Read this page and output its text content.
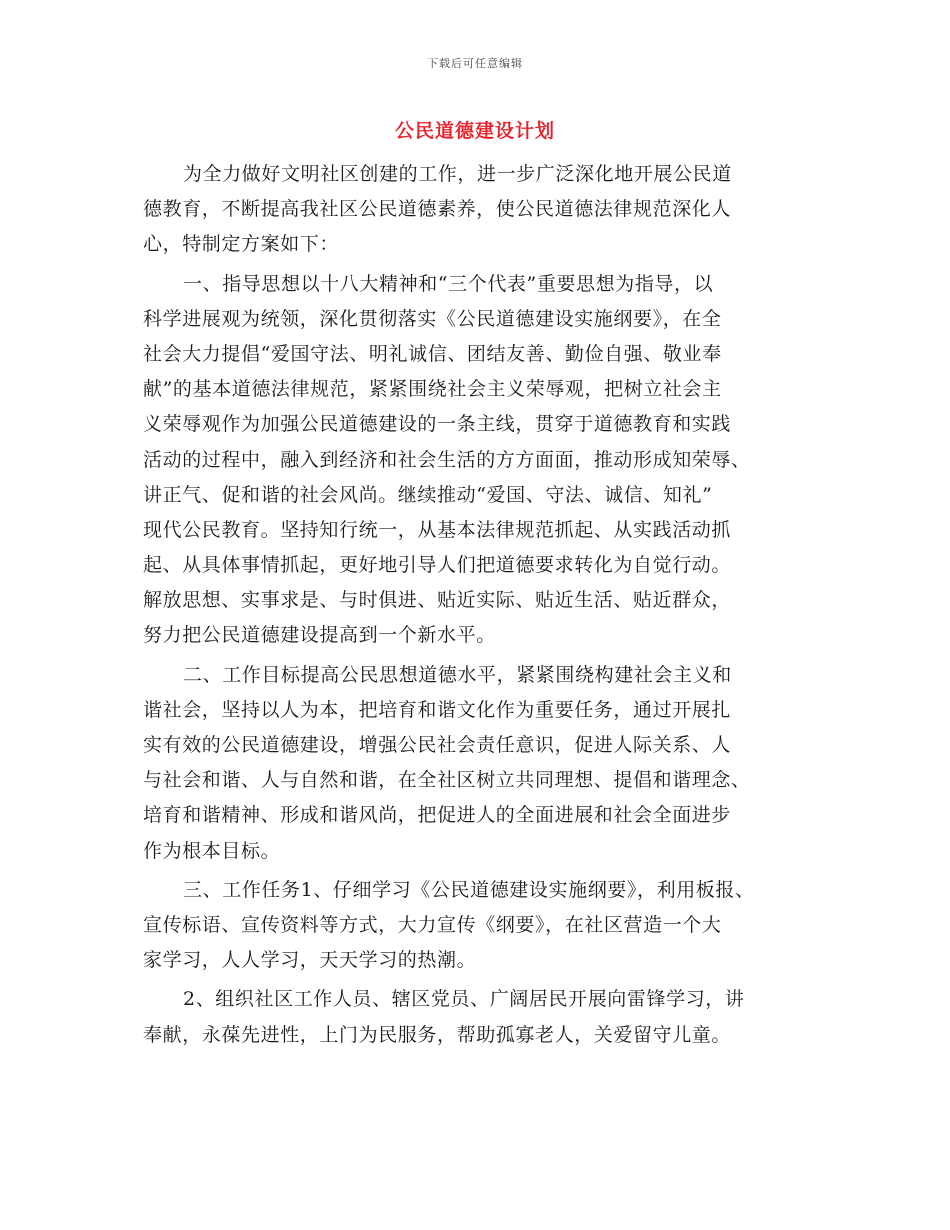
下载后可任意编辑
公民道德建设计划
为全力做好文明社区创建的工作，进一步广泛深化地开展公民道
德教育，不断提高我社区公民道德素养，使公民道德法律规范深化人
心，特制定方案如下：
一、指导思想以十八大精神和“三个代表”重要思想为指导，以
科学进展观为统领，深化贯彻落实《公民道德建设实施纲要》，在全
社会大力提倡“爱国守法、明礼诚信、团结友善、勤俭自强、敬业奉
献”的基本道德法律规范，紧紧围绕社会主义荣辱观，把树立社会主
义荣辱观作为加强公民道德建设的一条主线，贯穿于道德教育和实践
活动的过程中，融入到经济和社会生活的方方面面，推动形成知荣辱、
讲正气、促和谐的社会风尚。继续推动“爱国、守法、诚信、知礼”
现代公民教育。坚持知行统一，从基本法律规范抓起、从实践活动抓
起、从具体事情抓起，更好地引导人们把道德要求转化为自觉行动。
解放思想、实事求是、与时俱进、贴近实际、贴近生活、贴近群众，
努力把公民道德建设提高到一个新水平。
二、工作目标提高公民思想道德水平，紧紧围绕构建社会主义和
谐社会，坚持以人为本，把培育和谐文化作为重要任务，通过开展扎
实有效的公民道德建设，增强公民社会责任意识，促进人际关系、人
与社会和谐、人与自然和谐，在全社区树立共同理想、提倡和谐理念、
培育和谐精神、形成和谐风尚，把促进人的全面进展和社会全面进步
作为根本目标。
三、工作任务1、仔细学习《公民道德建设实施纲要》，利用板报、
宣传标语、宣传资料等方式，大力宣传《纲要》，在社区营造一个大
家学习，人人学习，天天学习的热潮。
2、组织社区工作人员、辖区党员、广阔居民开展向雷锋学习，讲
奉献，永葆先进性，上门为民服务，帮助孤寡老人，关爱留守儿童。
